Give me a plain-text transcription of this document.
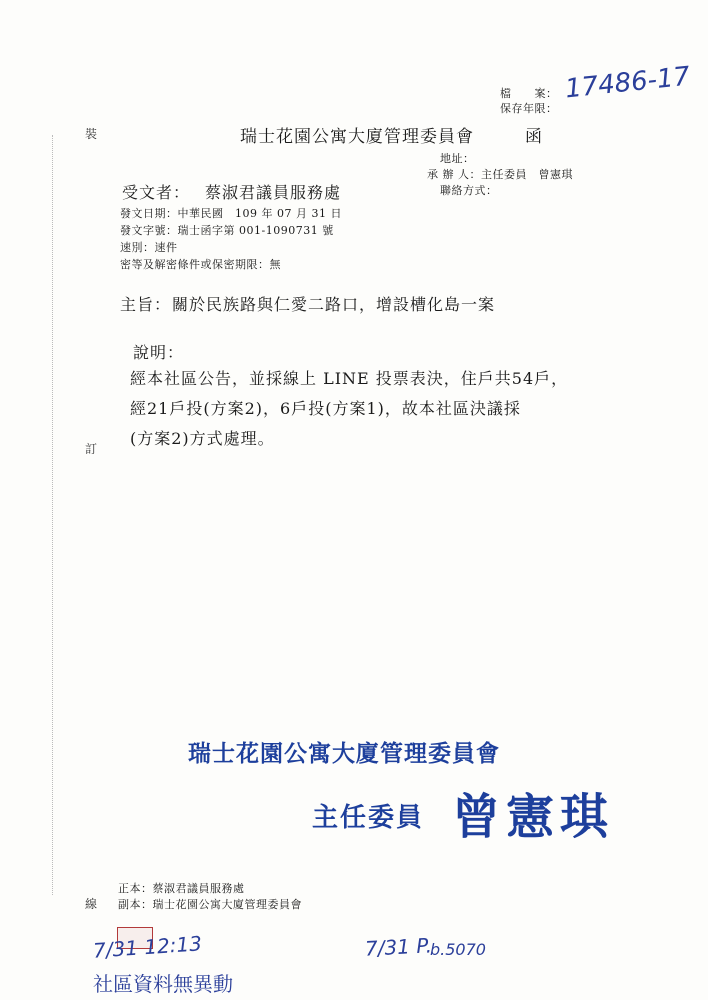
檔　　案：
保存年限：
17486-17
裝
訂
線
瑞士花園公寓大廈管理委員會	函
地址：
承 辦 人：主任委員　曾憲琪
聯絡方式：
受文者： 蔡淑君議員服務處
發文日期：中華民國　109 年 07 月 31 日
發文字號：瑞士函字第 001-1090731 號
速別：速件
密等及解密條件或保密期限：無
主旨： 關於民族路與仁愛二路口，增設槽化島一案
說明：
經本社區公告，並採線上 LINE 投票表決，住戶共54戶，
經21戶投(方案2)，6戶投(方案1)，故本社區決議採
(方案2)方式處理。
瑞士花園公寓大廈管理委員會
主任委員 曾憲琪
正本：蔡淑君議員服務處
副本：瑞士花園公寓大廈管理委員會
7/31 12:13	7/31 P.
b.5070
社區資料無異動
